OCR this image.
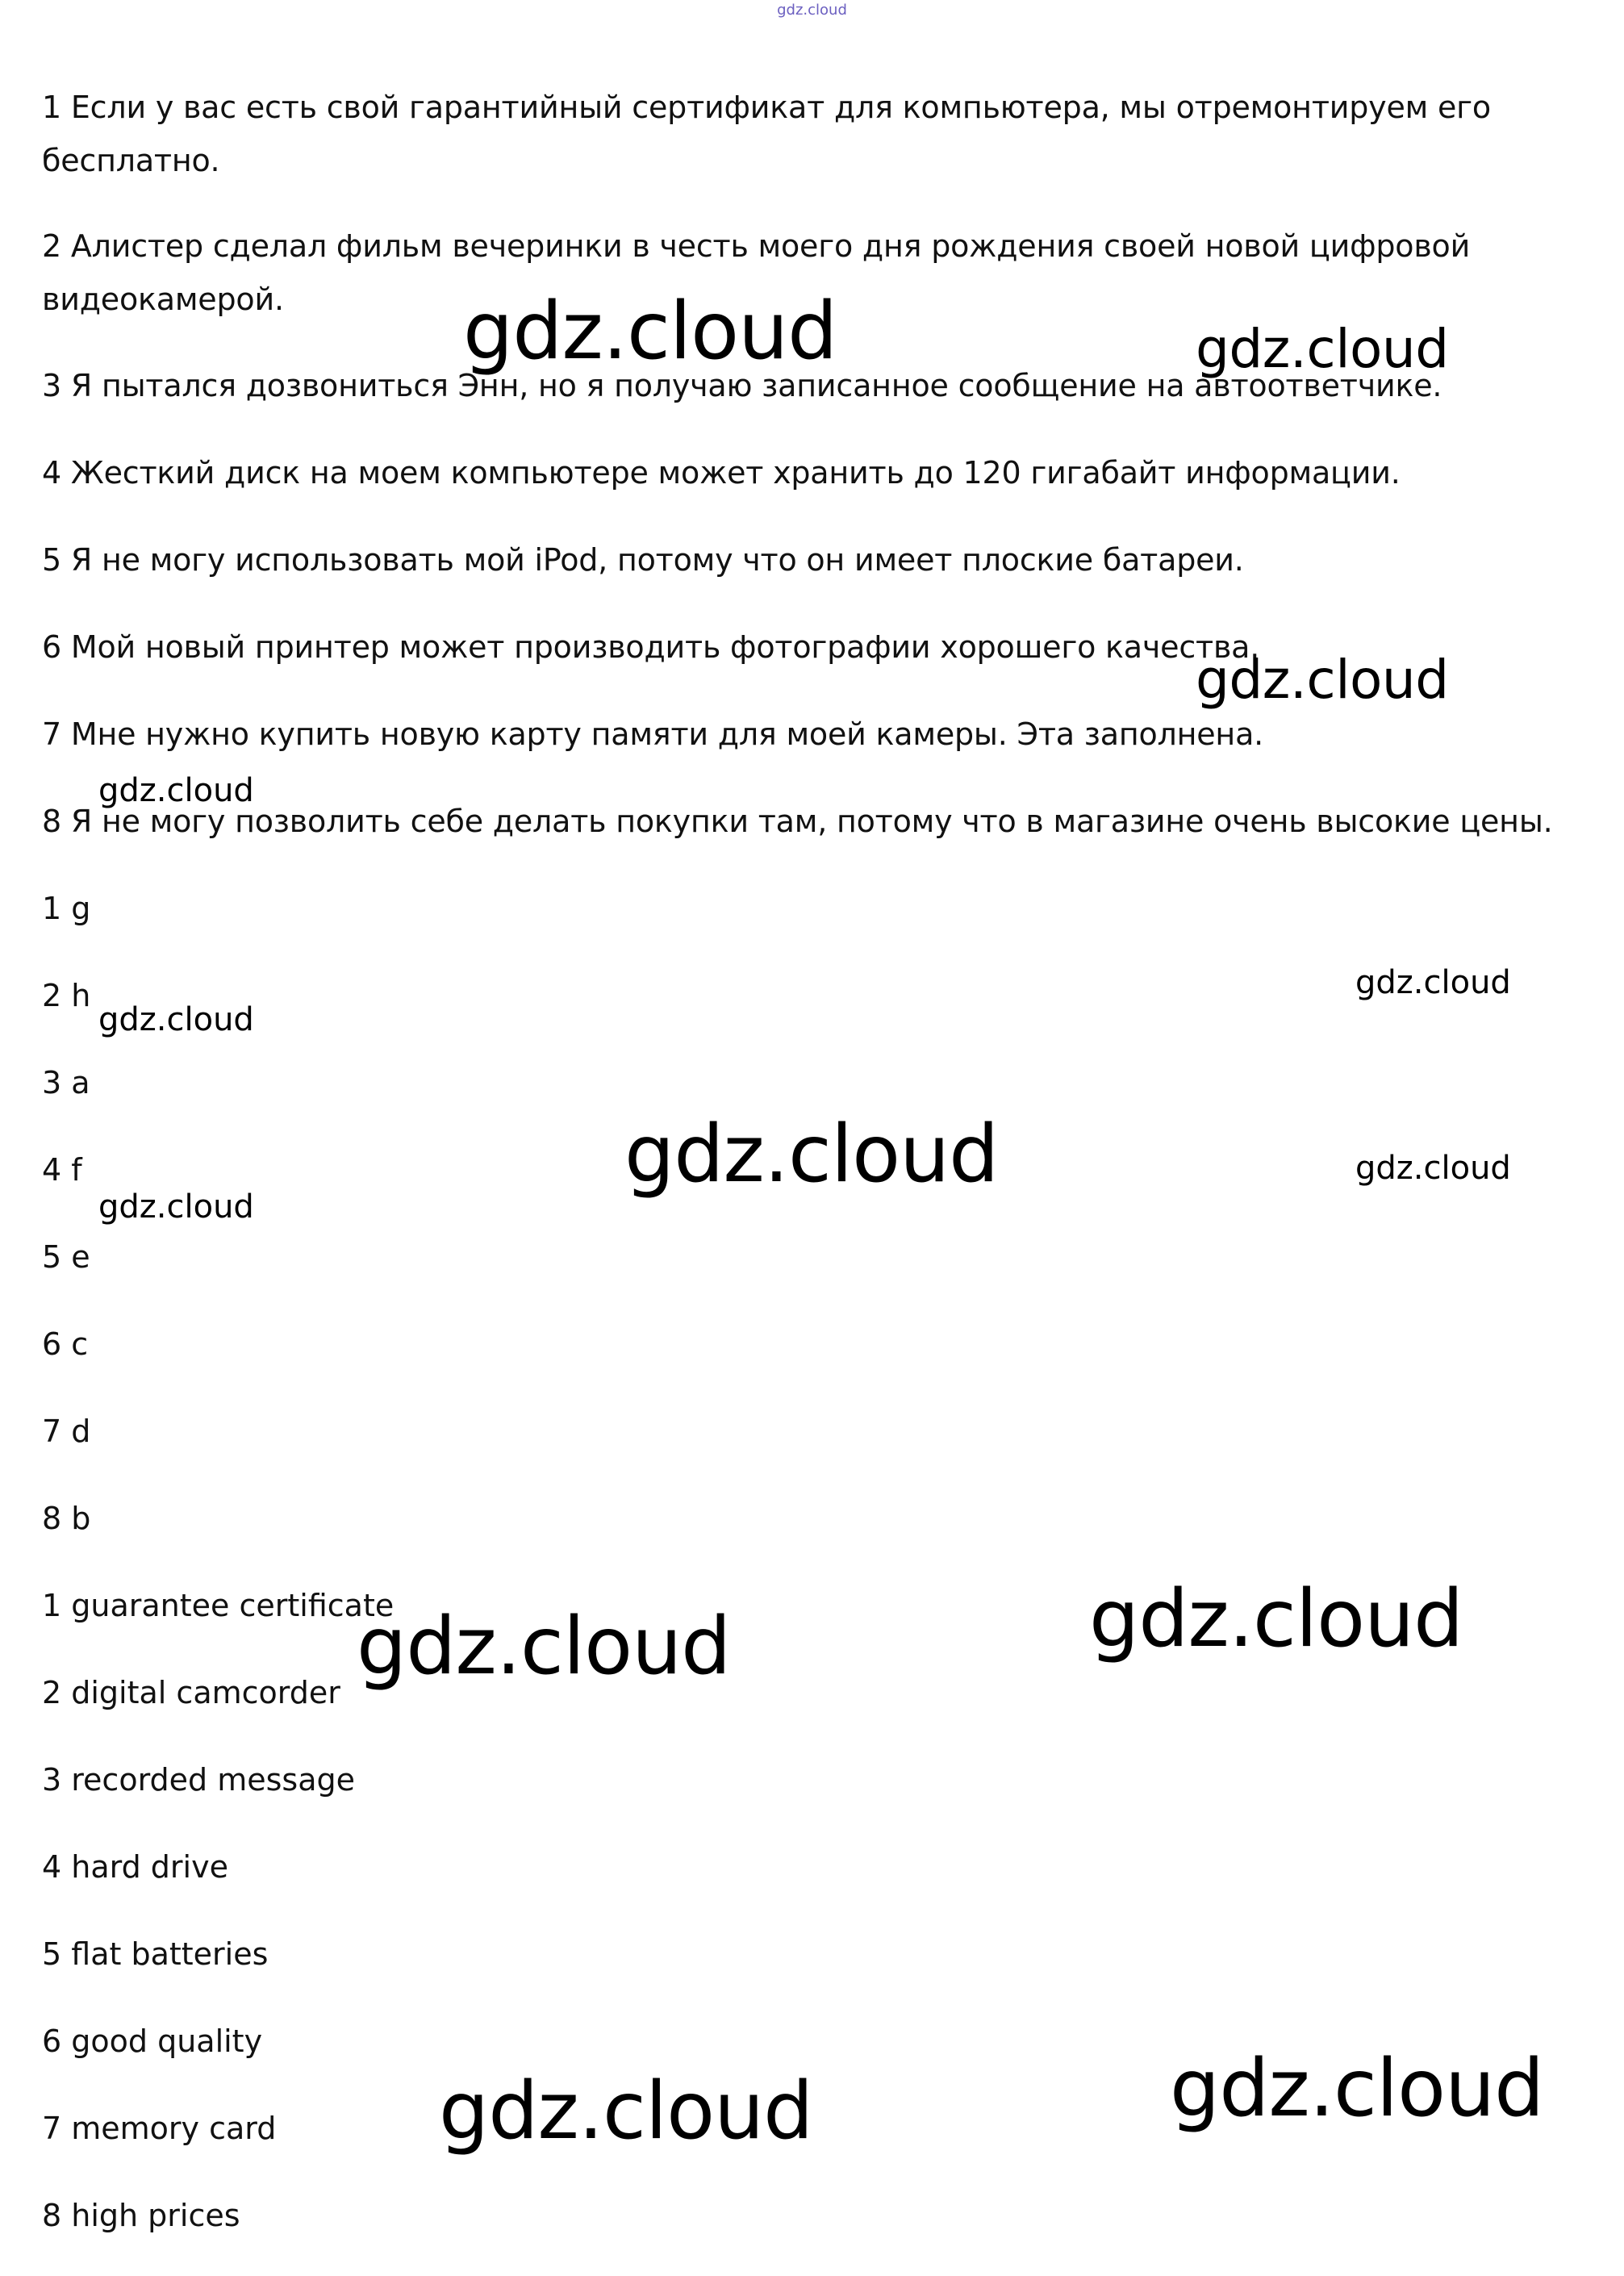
gdz.cloud

1 Если у вас есть свой гарантийный сертификат для компьютера, мы отремонтируем его бесплатно.

2 Алистер сделал фильм вечеринки в честь моего дня рождения своей новой цифровой видеокамерой.

3 Я пытался дозвониться Энн, но я получаю записанное сообщение на автоответчике.

4 Жесткий диск на моем компьютере может хранить до 120 гигабайт информации.

5 Я не могу использовать мой iPod, потому что он имеет плоские батареи.

6 Мой новый принтер может производить фотографии хорошего качества.

7 Мне нужно купить новую карту памяти для моей камеры. Эта заполнена.

8 Я не могу позволить себе делать покупки там, потому что в магазине очень высокие цены.

1 g

2 h

3 a

4 f

5 e

6 c

7 d

8 b

1 guarantee certificate

2 digital camcorder

3 recorded message

4 hard drive

5 flat batteries

6 good quality

7 memory card

8 high prices

gdz.cloud	gdz.cloud
gdz.cloud
gdz.cloud
gdz.cloud
gdz.cloud
gdz.cloud	gdz.cloud
gdz.cloud
gdz.cloud
gdz.cloud
gdz.cloud
gdz.cloud
